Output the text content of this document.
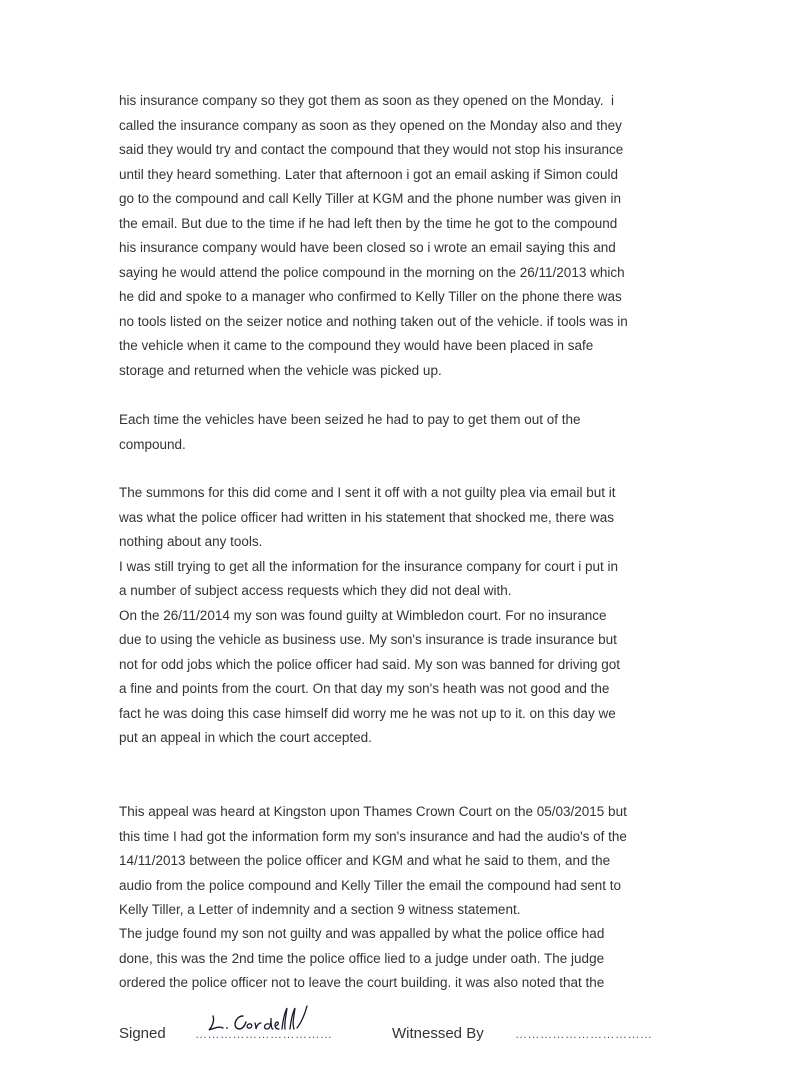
his insurance company so they got them as soon as they opened on the Monday.  i
called the insurance company as soon as they opened on the Monday also and they
said they would try and contact the compound that they would not stop his insurance
until they heard something. Later that afternoon i got an email asking if Simon could
go to the compound and call Kelly Tiller at KGM and the phone number was given in
the email. But due to the time if he had left then by the time he got to the compound
his insurance company would have been closed so i wrote an email saying this and
saying he would attend the police compound in the morning on the 26/11/2013 which
he did and spoke to a manager who confirmed to Kelly Tiller on the phone there was
no tools listed on the seizer notice and nothing taken out of the vehicle. if tools was in
the vehicle when it came to the compound they would have been placed in safe
storage and returned when the vehicle was picked up.

Each time the vehicles have been seized he had to pay to get them out of the
compound.

The summons for this did come and I sent it off with a not guilty plea via email but it
was what the police officer had written in his statement that shocked me, there was
nothing about any tools.
I was still trying to get all the information for the insurance company for court i put in
a number of subject access requests which they did not deal with.
On the 26/11/2014 my son was found guilty at Wimbledon court. For no insurance
due to using the vehicle as business use. My son's insurance is trade insurance but
not for odd jobs which the police officer had said. My son was banned for driving got
a fine and points from the court. On that day my son's heath was not good and the
fact he was doing this case himself did worry me he was not up to it. on this day we
put an appeal in which the court accepted.

This appeal was heard at Kingston upon Thames Crown Court on the 05/03/2015 but
this time I had got the information form my son's insurance and had the audio's of the
14/11/2013 between the police officer and KGM and what he said to them, and the
audio from the police compound and Kelly Tiller the email the compound had sent to
Kelly Tiller, a Letter of indemnity and a section 9 witness statement.

The judge found my son not guilty and was appalled by what the police office had
done, this was the 2nd time the police office lied to a judge under oath. The judge
ordered the police officer not to leave the court building. it was also noted that the

Signed ……………………………	Witnessed By	……………………………
